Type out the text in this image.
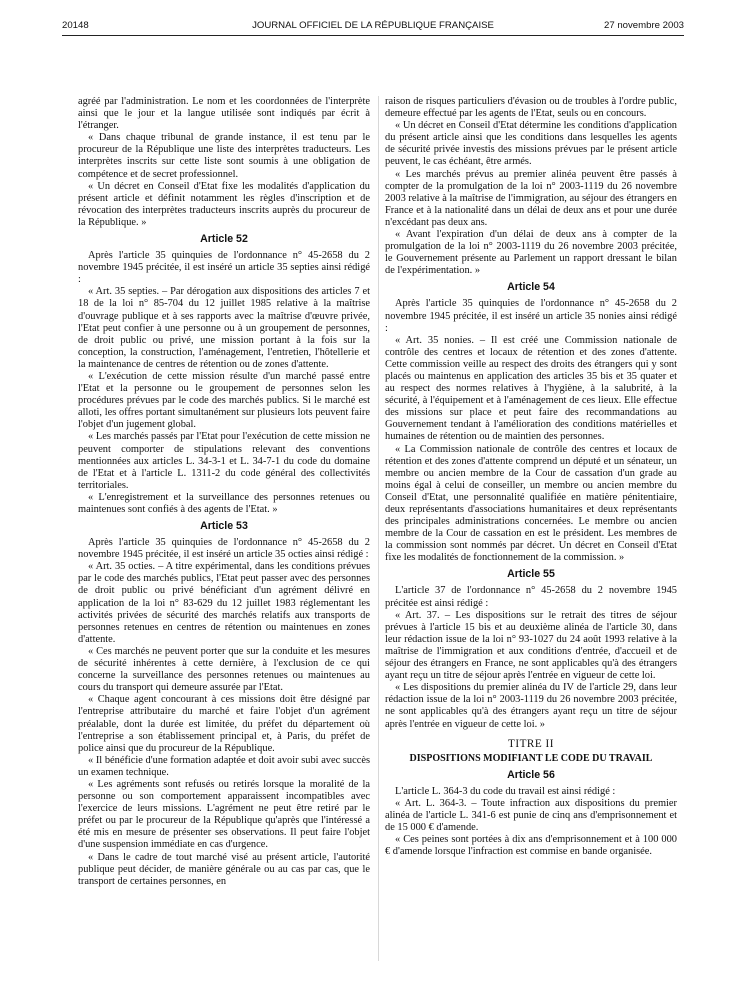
20148	JOURNAL OFFICIEL DE LA RÉPUBLIQUE FRANÇAISE	27 novembre 2003

agréé par l'administration. Le nom et les coordonnées de l'interprète ainsi que le jour et la langue utilisée sont indiqués par écrit à l'étranger.

« Dans chaque tribunal de grande instance, il est tenu par le procureur de la République une liste des interprètes traducteurs. Les interprètes inscrits sur cette liste sont soumis à une obligation de compétence et de secret professionnel.

« Un décret en Conseil d'Etat fixe les modalités d'application du présent article et définit notamment les règles d'inscription et de révocation des interprètes traducteurs inscrits auprès du procureur de la République. »

Article 52

Après l'article 35 quinquies de l'ordonnance n° 45-2658 du 2 novembre 1945 précitée, il est inséré un article 35 septies ainsi rédigé :

« Art. 35 septies. – Par dérogation aux dispositions des articles 7 et 18 de la loi n° 85-704 du 12 juillet 1985 relative à la maîtrise d'ouvrage publique et à ses rapports avec la maîtrise d'œuvre privée, l'Etat peut confier à une personne ou à un groupement de personnes, de droit public ou privé, une mission portant à la fois sur la conception, la construction, l'aménagement, l'entretien, l'hôtellerie et la maintenance de centres de rétention ou de zones d'attente.

« L'exécution de cette mission résulte d'un marché passé entre l'Etat et la personne ou le groupement de personnes selon les procédures prévues par le code des marchés publics. Si le marché est alloti, les offres portant simultanément sur plusieurs lots peuvent faire l'objet d'un jugement global.

« Les marchés passés par l'Etat pour l'exécution de cette mission ne peuvent comporter de stipulations relevant des conventions mentionnées aux articles L. 34-3-1 et L. 34-7-1 du code du domaine de l'Etat et à l'article L. 1311-2 du code général des collectivités territoriales.

« L'enregistrement et la surveillance des personnes retenues ou maintenues sont confiés à des agents de l'Etat. »

Article 53

Après l'article 35 quinquies de l'ordonnance n° 45-2658 du 2 novembre 1945 précitée, il est inséré un article 35 octies ainsi rédigé :

« Art. 35 octies. – A titre expérimental, dans les conditions prévues par le code des marchés publics, l'Etat peut passer avec des personnes de droit public ou privé bénéficiant d'un agrément délivré en application de la loi n° 83-629 du 12 juillet 1983 réglementant les activités privées de sécurité des marchés relatifs aux transports de personnes retenues en centres de rétention ou maintenues en zones d'attente.

« Ces marchés ne peuvent porter que sur la conduite et les mesures de sécurité inhérentes à cette dernière, à l'exclusion de ce qui concerne la surveillance des personnes retenues ou maintenues au cours du transport qui demeure assurée par l'Etat.

« Chaque agent concourant à ces missions doit être désigné par l'entreprise attributaire du marché et faire l'objet d'un agrément préalable, dont la durée est limitée, du préfet du département où l'entreprise a son établissement principal et, à Paris, du préfet de police ainsi que du procureur de la République.

« Il bénéficie d'une formation adaptée et doit avoir subi avec succès un examen technique.

« Les agréments sont refusés ou retirés lorsque la moralité de la personne ou son comportement apparaissent incompatibles avec l'exercice de leurs missions. L'agrément ne peut être retiré par le préfet ou par le procureur de la République qu'après que l'intéressé a été mis en mesure de présenter ses observations. Il peut faire l'objet d'une suspension immédiate en cas d'urgence.

« Dans le cadre de tout marché visé au présent article, l'autorité publique peut décider, de manière générale ou au cas par cas, que le transport de certaines personnes, en

raison de risques particuliers d'évasion ou de troubles à l'ordre public, demeure effectué par les agents de l'Etat, seuls ou en concours.

« Un décret en Conseil d'Etat détermine les conditions d'application du présent article ainsi que les conditions dans lesquelles les agents de sécurité privée investis des missions prévues par le présent article peuvent, le cas échéant, être armés.

« Les marchés prévus au premier alinéa peuvent être passés à compter de la promulgation de la loi n° 2003-1119 du 26 novembre 2003 relative à la maîtrise de l'immigration, au séjour des étrangers en France et à la nationalité dans un délai de deux ans et pour une durée n'excédant pas deux ans.

« Avant l'expiration d'un délai de deux ans à compter de la promulgation de la loi n° 2003-1119 du 26 novembre 2003 précitée, le Gouvernement présente au Parlement un rapport dressant le bilan de l'expérimentation. »

Article 54

Après l'article 35 quinquies de l'ordonnance n° 45-2658 du 2 novembre 1945 précitée, il est inséré un article 35 nonies ainsi rédigé :

« Art. 35 nonies. – Il est créé une Commission nationale de contrôle des centres et locaux de rétention et des zones d'attente. Cette commission veille au respect des droits des étrangers qui y sont placés ou maintenus en application des articles 35 bis et 35 quater et au respect des normes relatives à l'hygiène, à la salubrité, à la sécurité, à l'équipement et à l'aménagement de ces lieux. Elle effectue des missions sur place et peut faire des recommandations au Gouvernement tendant à l'amélioration des conditions matérielles et humaines de rétention ou de maintien des personnes.

« La Commission nationale de contrôle des centres et locaux de rétention et des zones d'attente comprend un député et un sénateur, un membre ou ancien membre de la Cour de cassation d'un grade au moins égal à celui de conseiller, un membre ou ancien membre du Conseil d'Etat, une personnalité qualifiée en matière pénitentiaire, deux représentants d'associations humanitaires et deux représentants des principales administrations concernées. Le membre ou ancien membre de la Cour de cassation en est le président. Les membres de la commission sont nommés par décret. Un décret en Conseil d'Etat fixe les modalités de fonctionnement de la commission. »

Article 55

L'article 37 de l'ordonnance n° 45-2658 du 2 novembre 1945 précitée est ainsi rédigé :

« Art. 37. – Les dispositions sur le retrait des titres de séjour prévues à l'article 15 bis et au deuxième alinéa de l'article 30, dans leur rédaction issue de la loi n° 93-1027 du 24 août 1993 relative à la maîtrise de l'immigration et aux conditions d'entrée, d'accueil et de séjour des étrangers en France, ne sont applicables qu'à des étrangers ayant reçu un titre de séjour après l'entrée en vigueur de cette loi.

« Les dispositions du premier alinéa du IV de l'article 29, dans leur rédaction issue de la loi n° 2003-1119 du 26 novembre 2003 précitée, ne sont applicables qu'à des étrangers ayant reçu un titre de séjour après l'entrée en vigueur de cette loi. »

TITRE II
DISPOSITIONS MODIFIANT LE CODE DU TRAVAIL
Article 56

L'article L. 364-3 du code du travail est ainsi rédigé :

« Art. L. 364-3. – Toute infraction aux dispositions du premier alinéa de l'article L. 341-6 est punie de cinq ans d'emprisonnement et de 15 000 € d'amende.

« Ces peines sont portées à dix ans d'emprisonnement et à 100 000 € d'amende lorsque l'infraction est commise en bande organisée.
